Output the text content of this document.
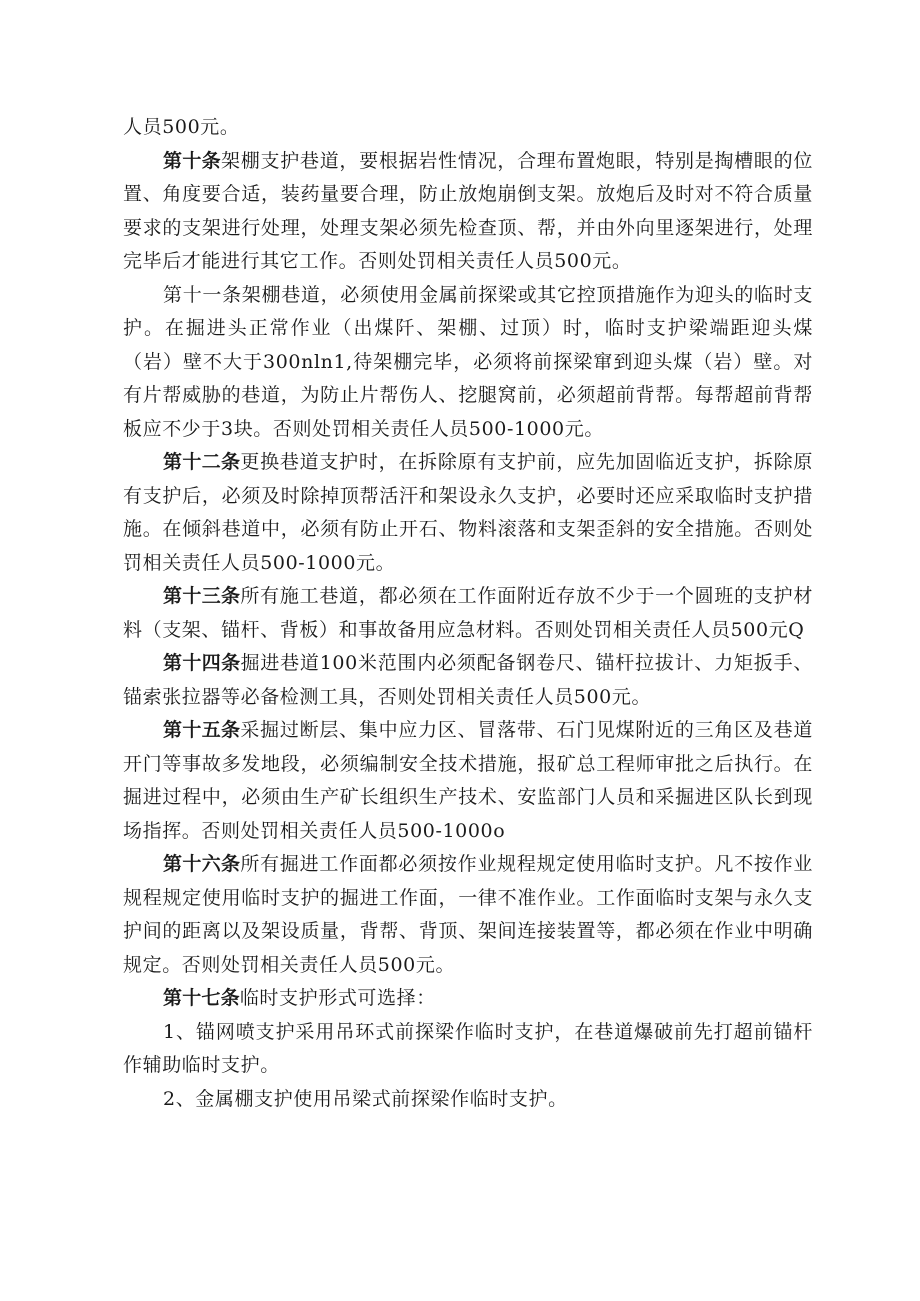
人员500元。

第十条架棚支护巷道，要根据岩性情况，合理布置炮眼，特别是掏槽眼的位置、角度要合适，装药量要合理，防止放炮崩倒支架。放炮后及时对不符合质量要求的支架进行处理，处理支架必须先检查顶、帮，并由外向里逐架进行，处理完毕后才能进行其它工作。否则处罚相关责任人员500元。

第十一条架棚巷道，必须使用金属前探梁或其它控顶措施作为迎头的临时支护。在掘进头正常作业（出煤阡、架棚、过顶）时，临时支护梁端距迎头煤（岩）壁不大于300nln1,待架棚完毕，必须将前探梁窜到迎头煤（岩）壁。对有片帮威胁的巷道，为防止片帮伤人、挖腿窝前，必须超前背帮。每帮超前背帮板应不少于3块。否则处罚相关责任人员500-1000元。

第十二条更换巷道支护时，在拆除原有支护前，应先加固临近支护，拆除原有支护后，必须及时除掉顶帮活汗和架设永久支护，必要时还应采取临时支护措施。在倾斜巷道中，必须有防止开石、物料滚落和支架歪斜的安全措施。否则处罚相关责任人员500-1000元。

第十三条所有施工巷道，都必须在工作面附近存放不少于一个圆班的支护材料（支架、锚杆、背板）和事故备用应急材料。否则处罚相关责任人员500元Q

第十四条掘进巷道100米范围内必须配备钢卷尺、锚杆拉拔计、力矩扳手、锚索张拉器等必备检测工具，否则处罚相关责任人员500元。

第十五条采掘过断层、集中应力区、冒落带、石门见煤附近的三角区及巷道开门等事故多发地段，必须编制安全技术措施，报矿总工程师审批之后执行。在掘进过程中，必须由生产矿长组织生产技术、安监部门人员和采掘进区队长到现场指挥。否则处罚相关责任人员500-1000o

第十六条所有掘进工作面都必须按作业规程规定使用临时支护。凡不按作业规程规定使用临时支护的掘进工作面，一律不准作业。工作面临时支架与永久支护间的距离以及架设质量，背帮、背顶、架间连接装置等，都必须在作业中明确规定。否则处罚相关责任人员500元。

第十七条临时支护形式可选择：

1、锚网喷支护采用吊环式前探梁作临时支护，在巷道爆破前先打超前锚杆作辅助临时支护。

2、金属棚支护使用吊梁式前探梁作临时支护。
